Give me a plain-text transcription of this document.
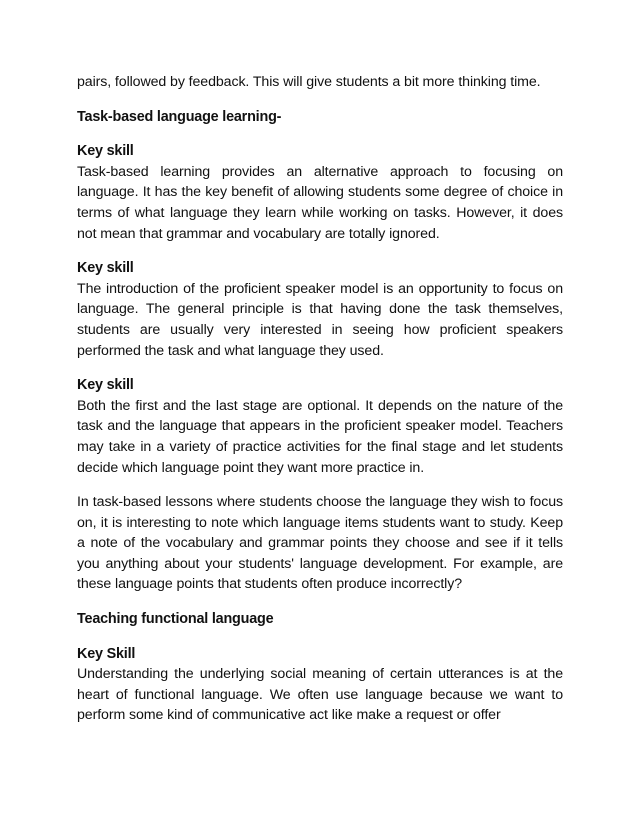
pairs, followed by feedback. This will give students a bit more thinking time.

Task-based language learning-

Key skill

Task-based learning provides an alternative approach to focusing on language. It has the key benefit of allowing students some degree of choice in terms of what language they learn while working on tasks. However, it does not mean that grammar and vocabulary are totally ignored.

Key skill

The introduction of the proficient speaker model is an opportunity to focus on language. The general principle is that having done the task themselves, students are usually very interested in seeing how proficient speakers performed the task and what language they used.

Key skill

Both the first and the last stage are optional. It depends on the nature of the task and the language that appears in the proficient speaker model. Teachers may take in a variety of practice activities for the final stage and let students decide which language point they want more practice in.

In task-based lessons where students choose the language they wish to focus on, it is interesting to note which language items students want to study. Keep a note of the vocabulary and grammar points they choose and see if it tells you anything about your students' language development. For example, are these language points that students often produce incorrectly?

Teaching functional language

Key Skill

Understanding the underlying social meaning of certain utterances is at the heart of functional language. We often use language because we want to perform some kind of communicative act like make a request or offer
